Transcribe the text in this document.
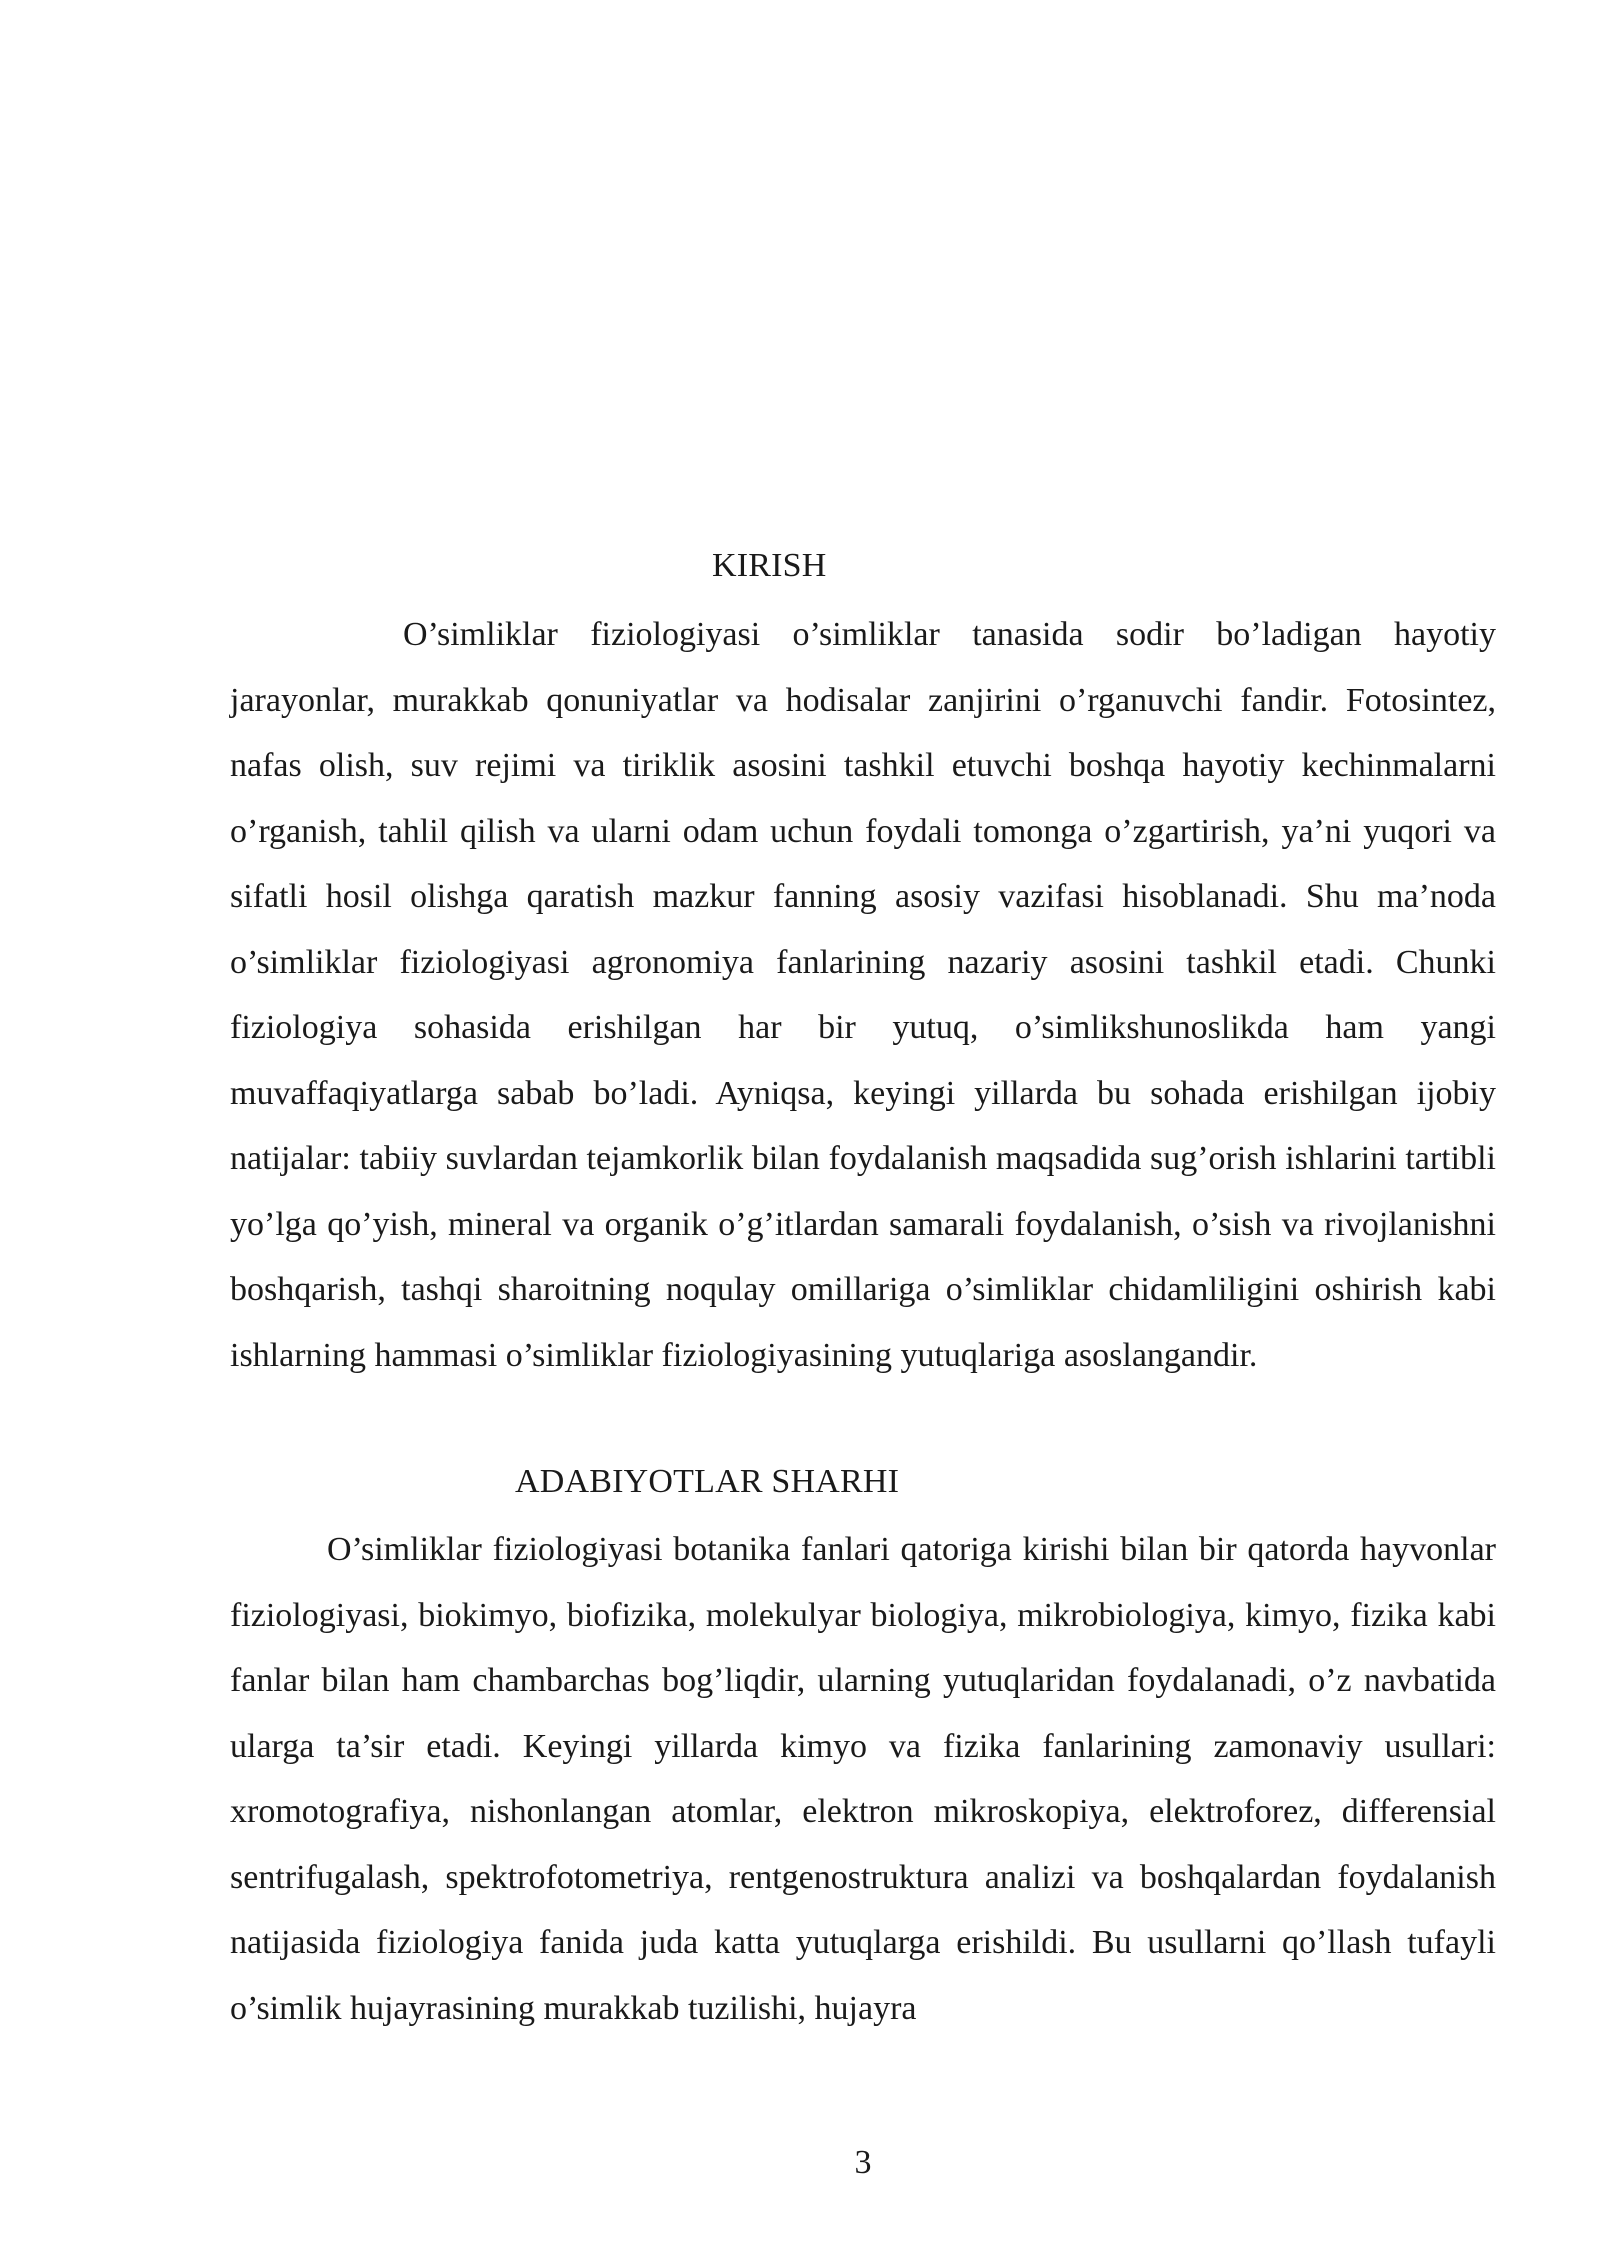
KIRISH
O’simliklar fiziologiyasi o’simliklar tanasida sodir bo’ladigan hayotiy jarayonlar, murakkab qonuniyatlar va hodisalar zanjirini o’rganuvchi fandir. Fotosintez, nafas olish, suv rejimi va tiriklik asosini tashkil etuvchi boshqa hayotiy kechinmalarni o’rganish, tahlil qilish va ularni odam uchun foydali tomonga o’zgartirish, ya’ni yuqori va sifatli hosil olishga qaratish mazkur fanning asosiy vazifasi hisoblanadi. Shu ma’noda o’simliklar fiziologiyasi agronomiya fanlarining nazariy asosini tashkil etadi. Chunki fiziologiya sohasida erishilgan har bir yutuq, o’simlikshunoslikda ham yangi muvaffaqiyatlarga sabab bo’ladi. Ayniqsa, keyingi yillarda bu sohada erishilgan ijobiy natijalar: tabiiy suvlardan tejamkorlik bilan foydalanish maqsadida sug’orish ishlarini tartibli yo’lga qo’yish, mineral va organik o’g’itlardan samarali foydalanish, o’sish va rivojlanishni boshqarish, tashqi sharoitning noqulay omillariga o’simliklar chidamliligini oshirish kabi ishlarning hammasi o’simliklar fiziologiyasining yutuqlariga asoslangandir.
ADABIYOTLAR SHARHI
O’simliklar fiziologiyasi botanika fanlari qatoriga kirishi bilan bir qatorda hayvonlar fiziologiyasi, biokimyo, biofizika, molekulyar biologiya, mikrobiologiya, kimyo, fizika kabi fanlar bilan ham chambarchas bog’liqdir, ularning yutuqlaridan foydalanadi, o’z navbatida ularga ta’sir etadi. Keyingi yillarda kimyo va fizika fanlarining zamonaviy usullari: xromotografiya, nishonlangan atomlar, elektron mikroskopiya, elektroforez, differensial sentrifugalash, spektrofotometriya, rentgenostruktura analizi va boshqalardan foydalanish natijasida fiziologiya fanida juda katta yutuqlarga erishildi. Bu usullarni qo’llash tufayli o’simlik hujayrasining murakkab tuzilishi, hujayra
3
